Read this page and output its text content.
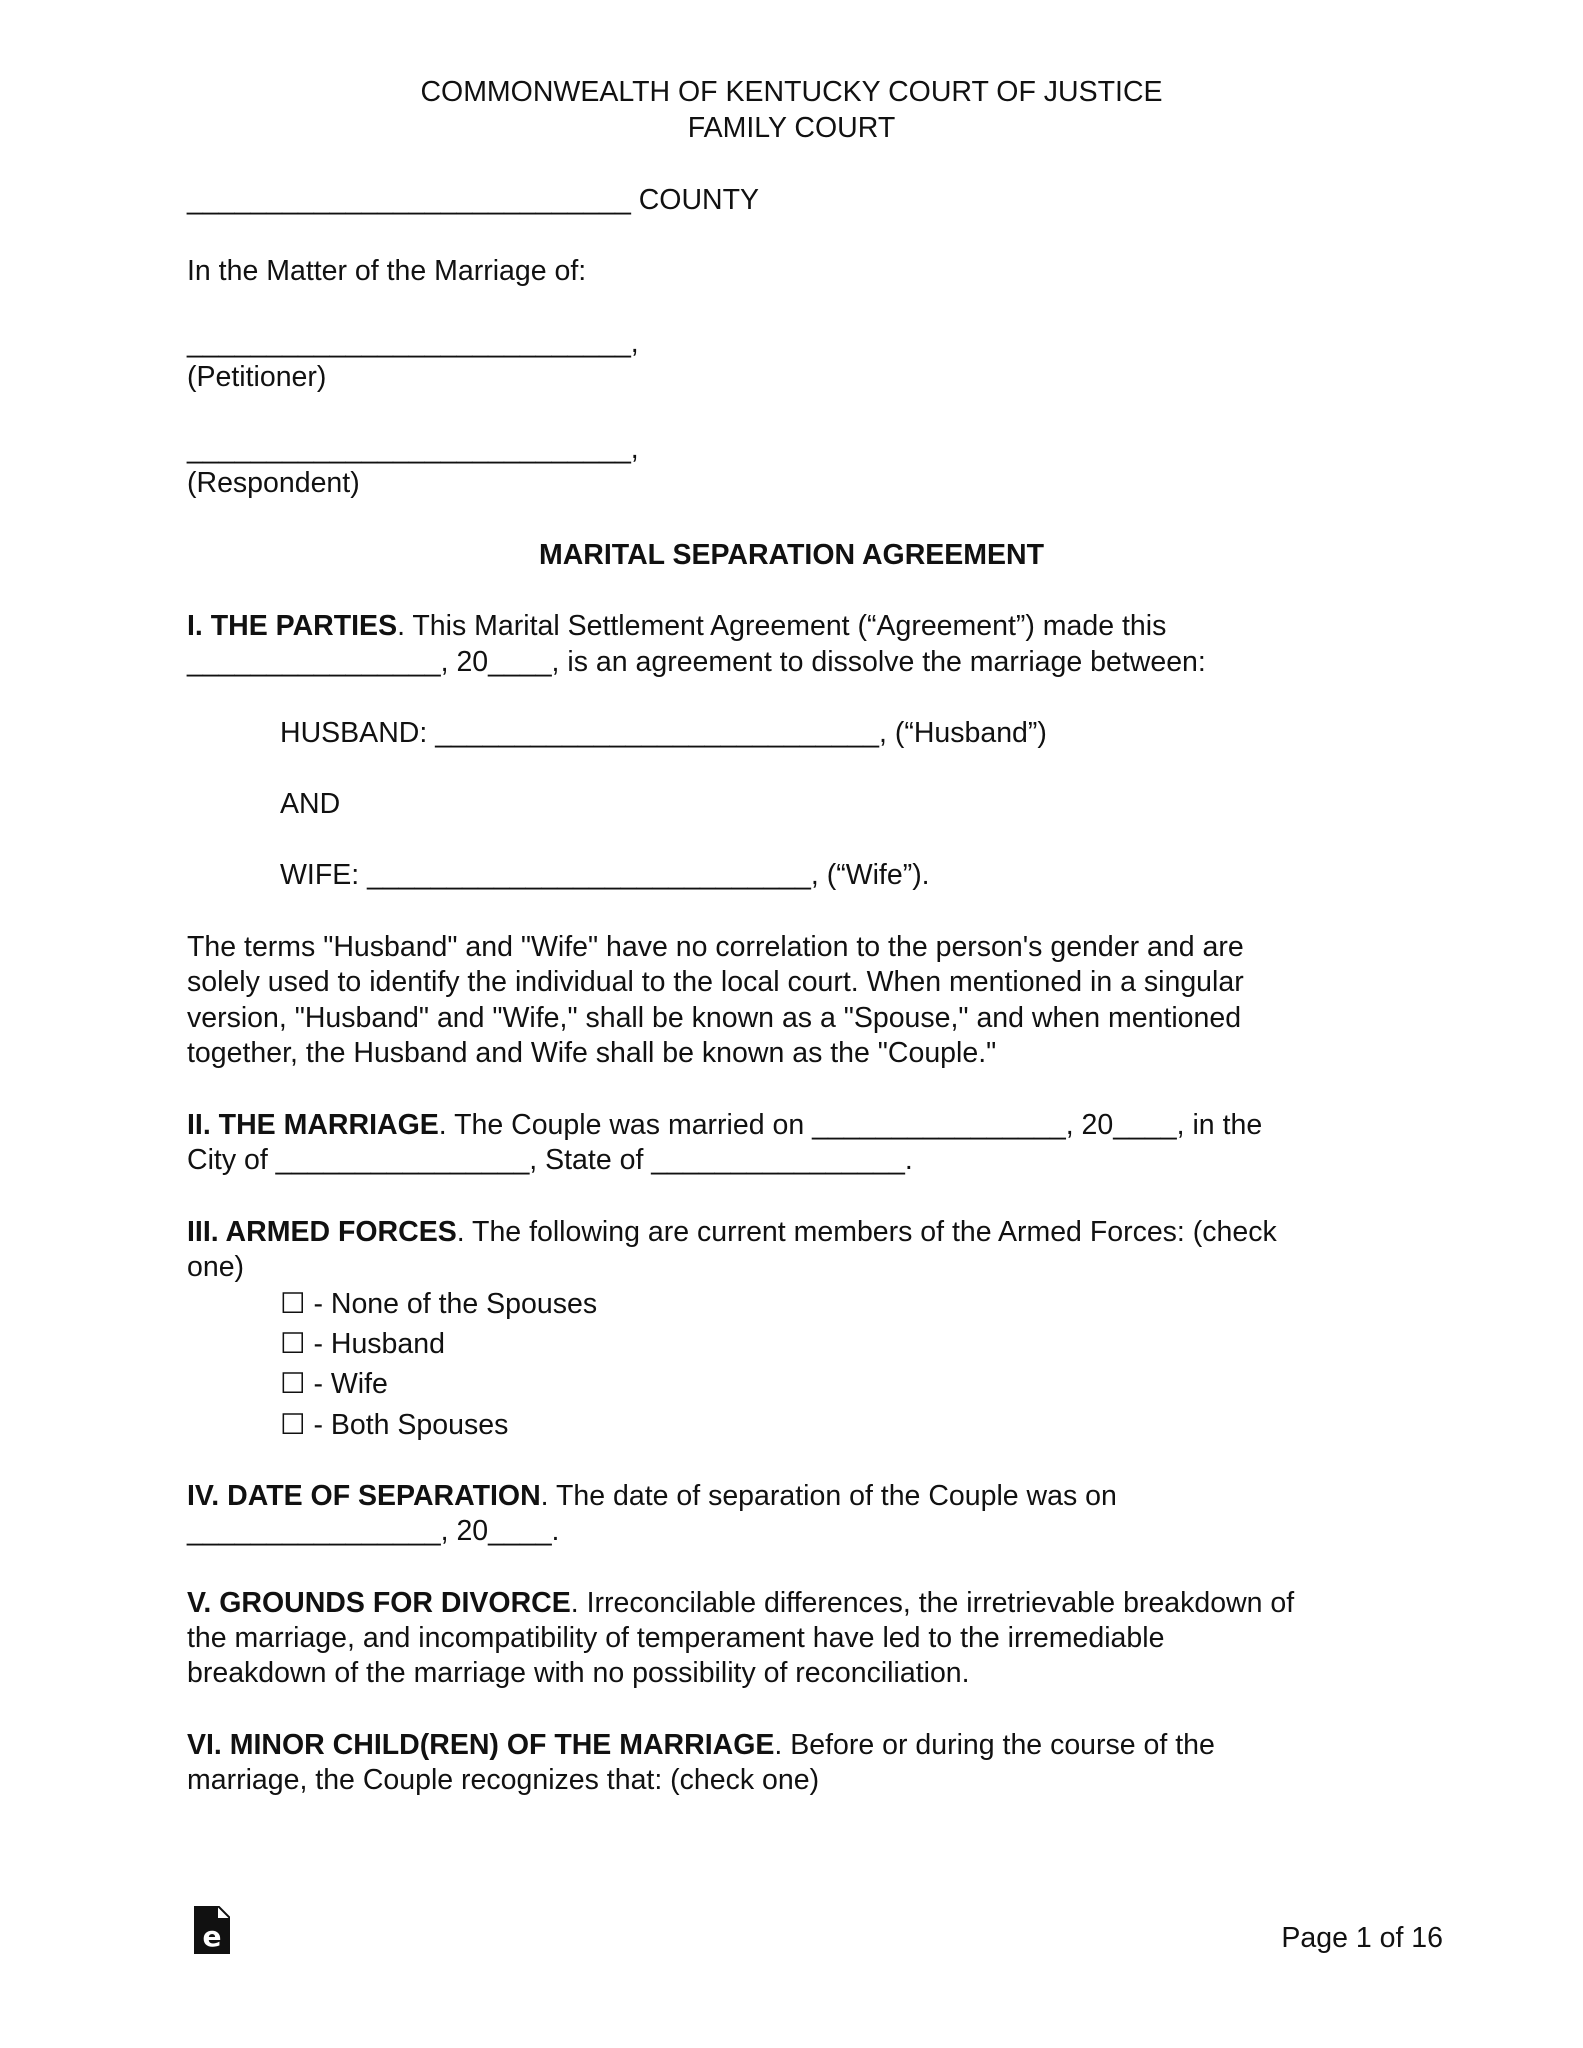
COMMONWEALTH OF KENTUCKY COURT OF JUSTICE
FAMILY COURT
____________________________ COUNTY
In the Matter of the Marriage of:
____________________________,
(Petitioner)
____________________________,
(Respondent)
MARITAL SEPARATION AGREEMENT
I. THE PARTIES. This Marital Settlement Agreement (“Agreement”) made this
________________, 20____, is an agreement to dissolve the marriage between:
HUSBAND: ____________________________, (“Husband”)
AND
WIFE: ____________________________, (“Wife”).
The terms "Husband" and "Wife" have no correlation to the person's gender and are
solely used to identify the individual to the local court. When mentioned in a singular
version, "Husband" and "Wife," shall be known as a "Spouse," and when mentioned
together, the Husband and Wife shall be known as the "Couple."
II. THE MARRIAGE. The Couple was married on ________________, 20____, in the
City of ________________, State of ________________.
III. ARMED FORCES. The following are current members of the Armed Forces: (check
one)
☐ - None of the Spouses
☐ - Husband
☐ - Wife
☐ - Both Spouses
IV. DATE OF SEPARATION. The date of separation of the Couple was on
________________, 20____.
V. GROUNDS FOR DIVORCE. Irreconcilable differences, the irretrievable breakdown of
the marriage, and incompatibility of temperament have led to the irremediable
breakdown of the marriage with no possibility of reconciliation.
VI. MINOR CHILD(REN) OF THE MARRIAGE. Before or during the course of the
marriage, the Couple recognizes that: (check one)
e	Page 1 of 16
